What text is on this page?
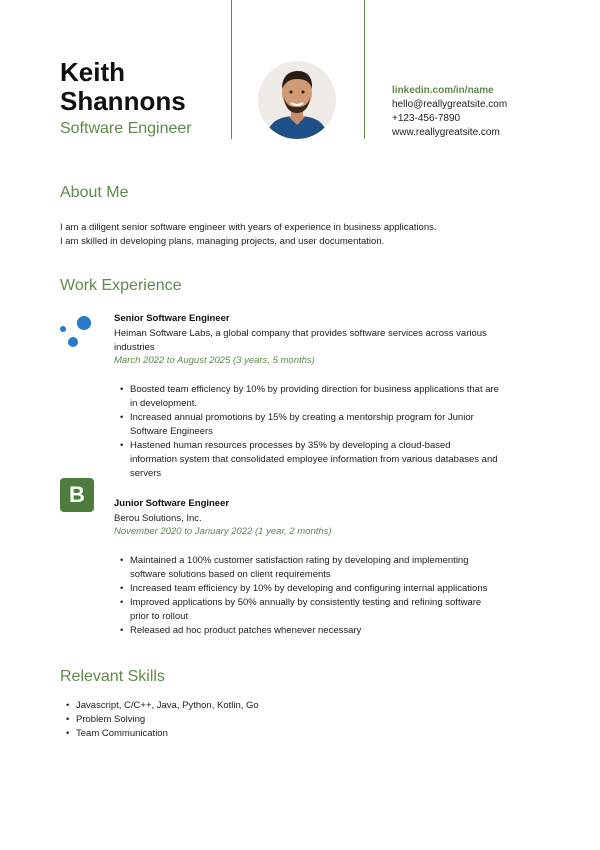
Keith
Shannons
Software Engineer
linkedin.com/in/name
hello@reallygreatsite.com
+123-456-7890
www.reallygreatsite.com
About Me
I am a diligent senior software engineer with years of experience in business applications.
I am skilled in developing plans, managing projects, and user documentation.
Work Experience
Senior Software Engineer
Heiman Software Labs, a global company that provides software services across various industries
March 2022 to August 2025 (3 years, 5 months)
• Boosted team efficiency by 10% by providing direction for business applications that are in development.
• Increased annual promotions by 15% by creating a mentorship program for Junior Software Engineers
• Hastened human resources processes by 35% by developing a cloud-based information system that consolidated employee information from various databases and servers
B	Junior Software Engineer
Berou Solutions, Inc.
November 2020 to January 2022 (1 year, 2 months)
• Maintained a 100% customer satisfaction rating by developing and implementing software solutions based on client requirements
• Increased team efficiency by 10% by developing and configuring internal applications
• Improved applications by 50% annually by consistently testing and refining software prior to rollout
• Released ad hoc product patches whenever necessary
Relevant Skills
• Javascript, C/C++, Java, Python, Kotlin, Go
• Problem Solving
• Team Communication
